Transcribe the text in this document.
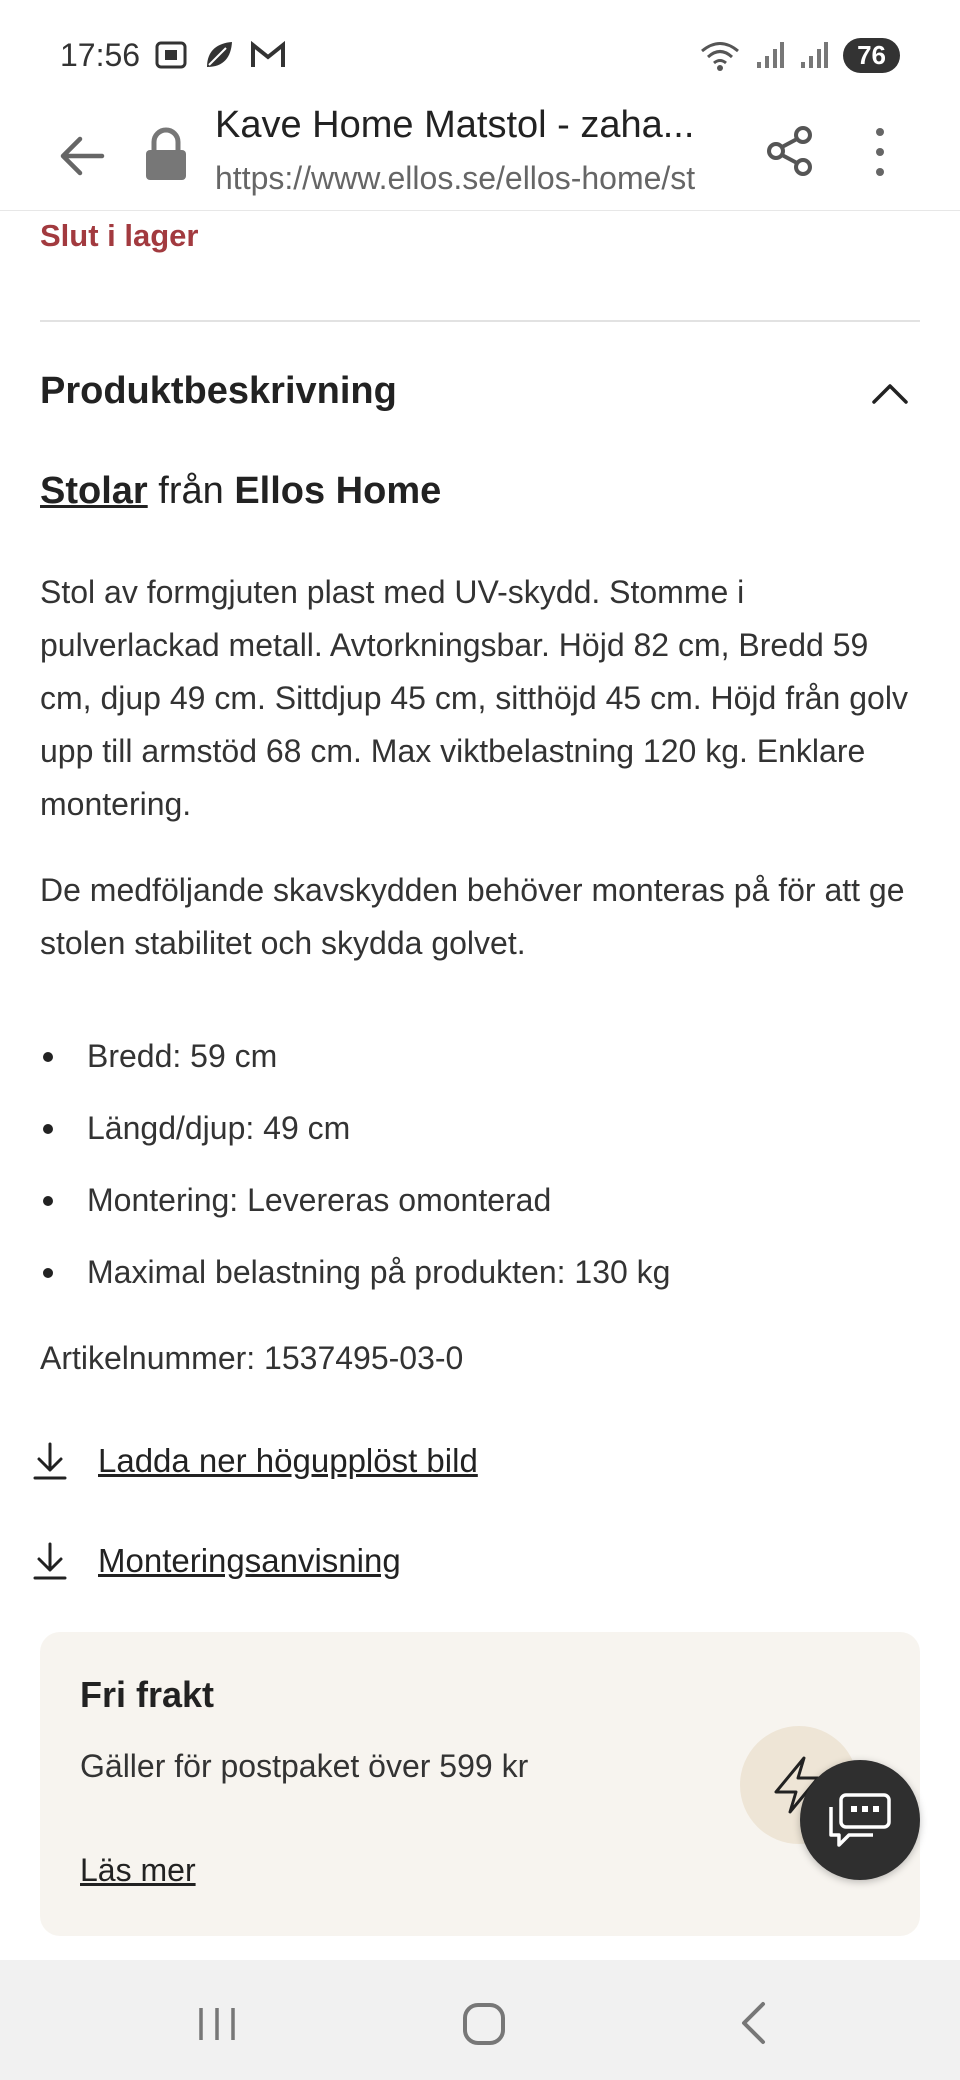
17:56	76
Kave Home Matstol - zaha...
https://www.ellos.se/ellos-home/st
Slut i lager
Produktbeskrivning
Stolar från Ellos Home

Stol av formgjuten plast med UV-skydd. Stomme i pulverlackad metall. Avtorkningsbar. Höjd 82 cm, Bredd 59 cm, djup 49 cm. Sittdjup 45 cm, sitthöjd 45 cm. Höjd från golv upp till armstöd 68 cm. Max viktbelastning 120 kg. Enklare montering.

De medföljande skavskydden behöver monteras på för att ge stolen stabilitet och skydda golvet.

Bredd: 59 cm
Längd/djup: 49 cm
Montering: Levereras omonterad
Maximal belastning på produkten: 130 kg
Artikelnummer: 1537495-03-0
Ladda ner högupplöst bild
Monteringsanvisning
Fri frakt
Gäller för postpaket över 599 kr
Läs mer
